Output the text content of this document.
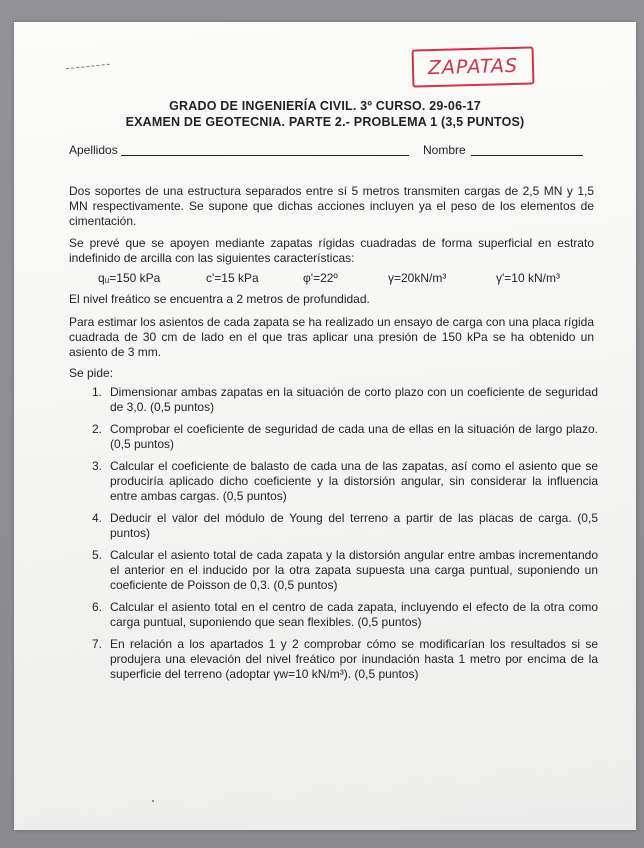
ZAPATAS
GRADO DE INGENIERÍA CIVIL. 3º CURSO. 29-06-17
EXAMEN DE GEOTECNIA. PARTE 2.- PROBLEMA 1 (3,5 PUNTOS)
Apellidos	Nombre
Dos soportes de una estructura separados entre sí 5 metros transmiten cargas de 2,5 MN y 1,5 MN respectivamente. Se supone que dichas acciones incluyen ya el peso de los elementos de cimentación.
Se prevé que se apoyen mediante zapatas rígidas cuadradas de forma superficial en estrato indefinido de arcilla con las siguientes características:
qᵤ=150 kPa	c'=15 kPa	φ'=22º	γ=20kN/m³	γ'=10 kN/m³
El nivel freático se encuentra a 2 metros de profundidad.
Para estimar los asientos de cada zapata se ha realizado un ensayo de carga con una placa rígida cuadrada de 30 cm de lado en el que tras aplicar una presión de 150 kPa se ha obtenido un asiento de 3 mm.
Se pide:
1. Dimensionar ambas zapatas en la situación de corto plazo con un coeficiente de seguridad de 3,0. (0,5 puntos)
2. Comprobar el coeficiente de seguridad de cada una de ellas en la situación de largo plazo. (0,5 puntos)
3. Calcular el coeficiente de balasto de cada una de las zapatas, así como el asiento que se produciría aplicado dicho coeficiente y la distorsión angular, sin considerar la influencia entre ambas cargas. (0,5 puntos)
4. Deducir el valor del módulo de Young del terreno a partir de las placas de carga. (0,5 puntos)
5. Calcular el asiento total de cada zapata y la distorsión angular entre ambas incrementando el anterior en el inducido por la otra zapata supuesta una carga puntual, suponiendo un coeficiente de Poisson de 0,3. (0,5 puntos)
6. Calcular el asiento total en el centro de cada zapata, incluyendo el efecto de la otra como carga puntual, suponiendo que sean flexibles. (0,5 puntos)
7. En relación a los apartados 1 y 2 comprobar cómo se modificarían los resultados si se produjera una elevación del nivel freático por inundación hasta 1 metro por encima de la superficie del terreno (adoptar γw=10 kN/m³). (0,5 puntos)
